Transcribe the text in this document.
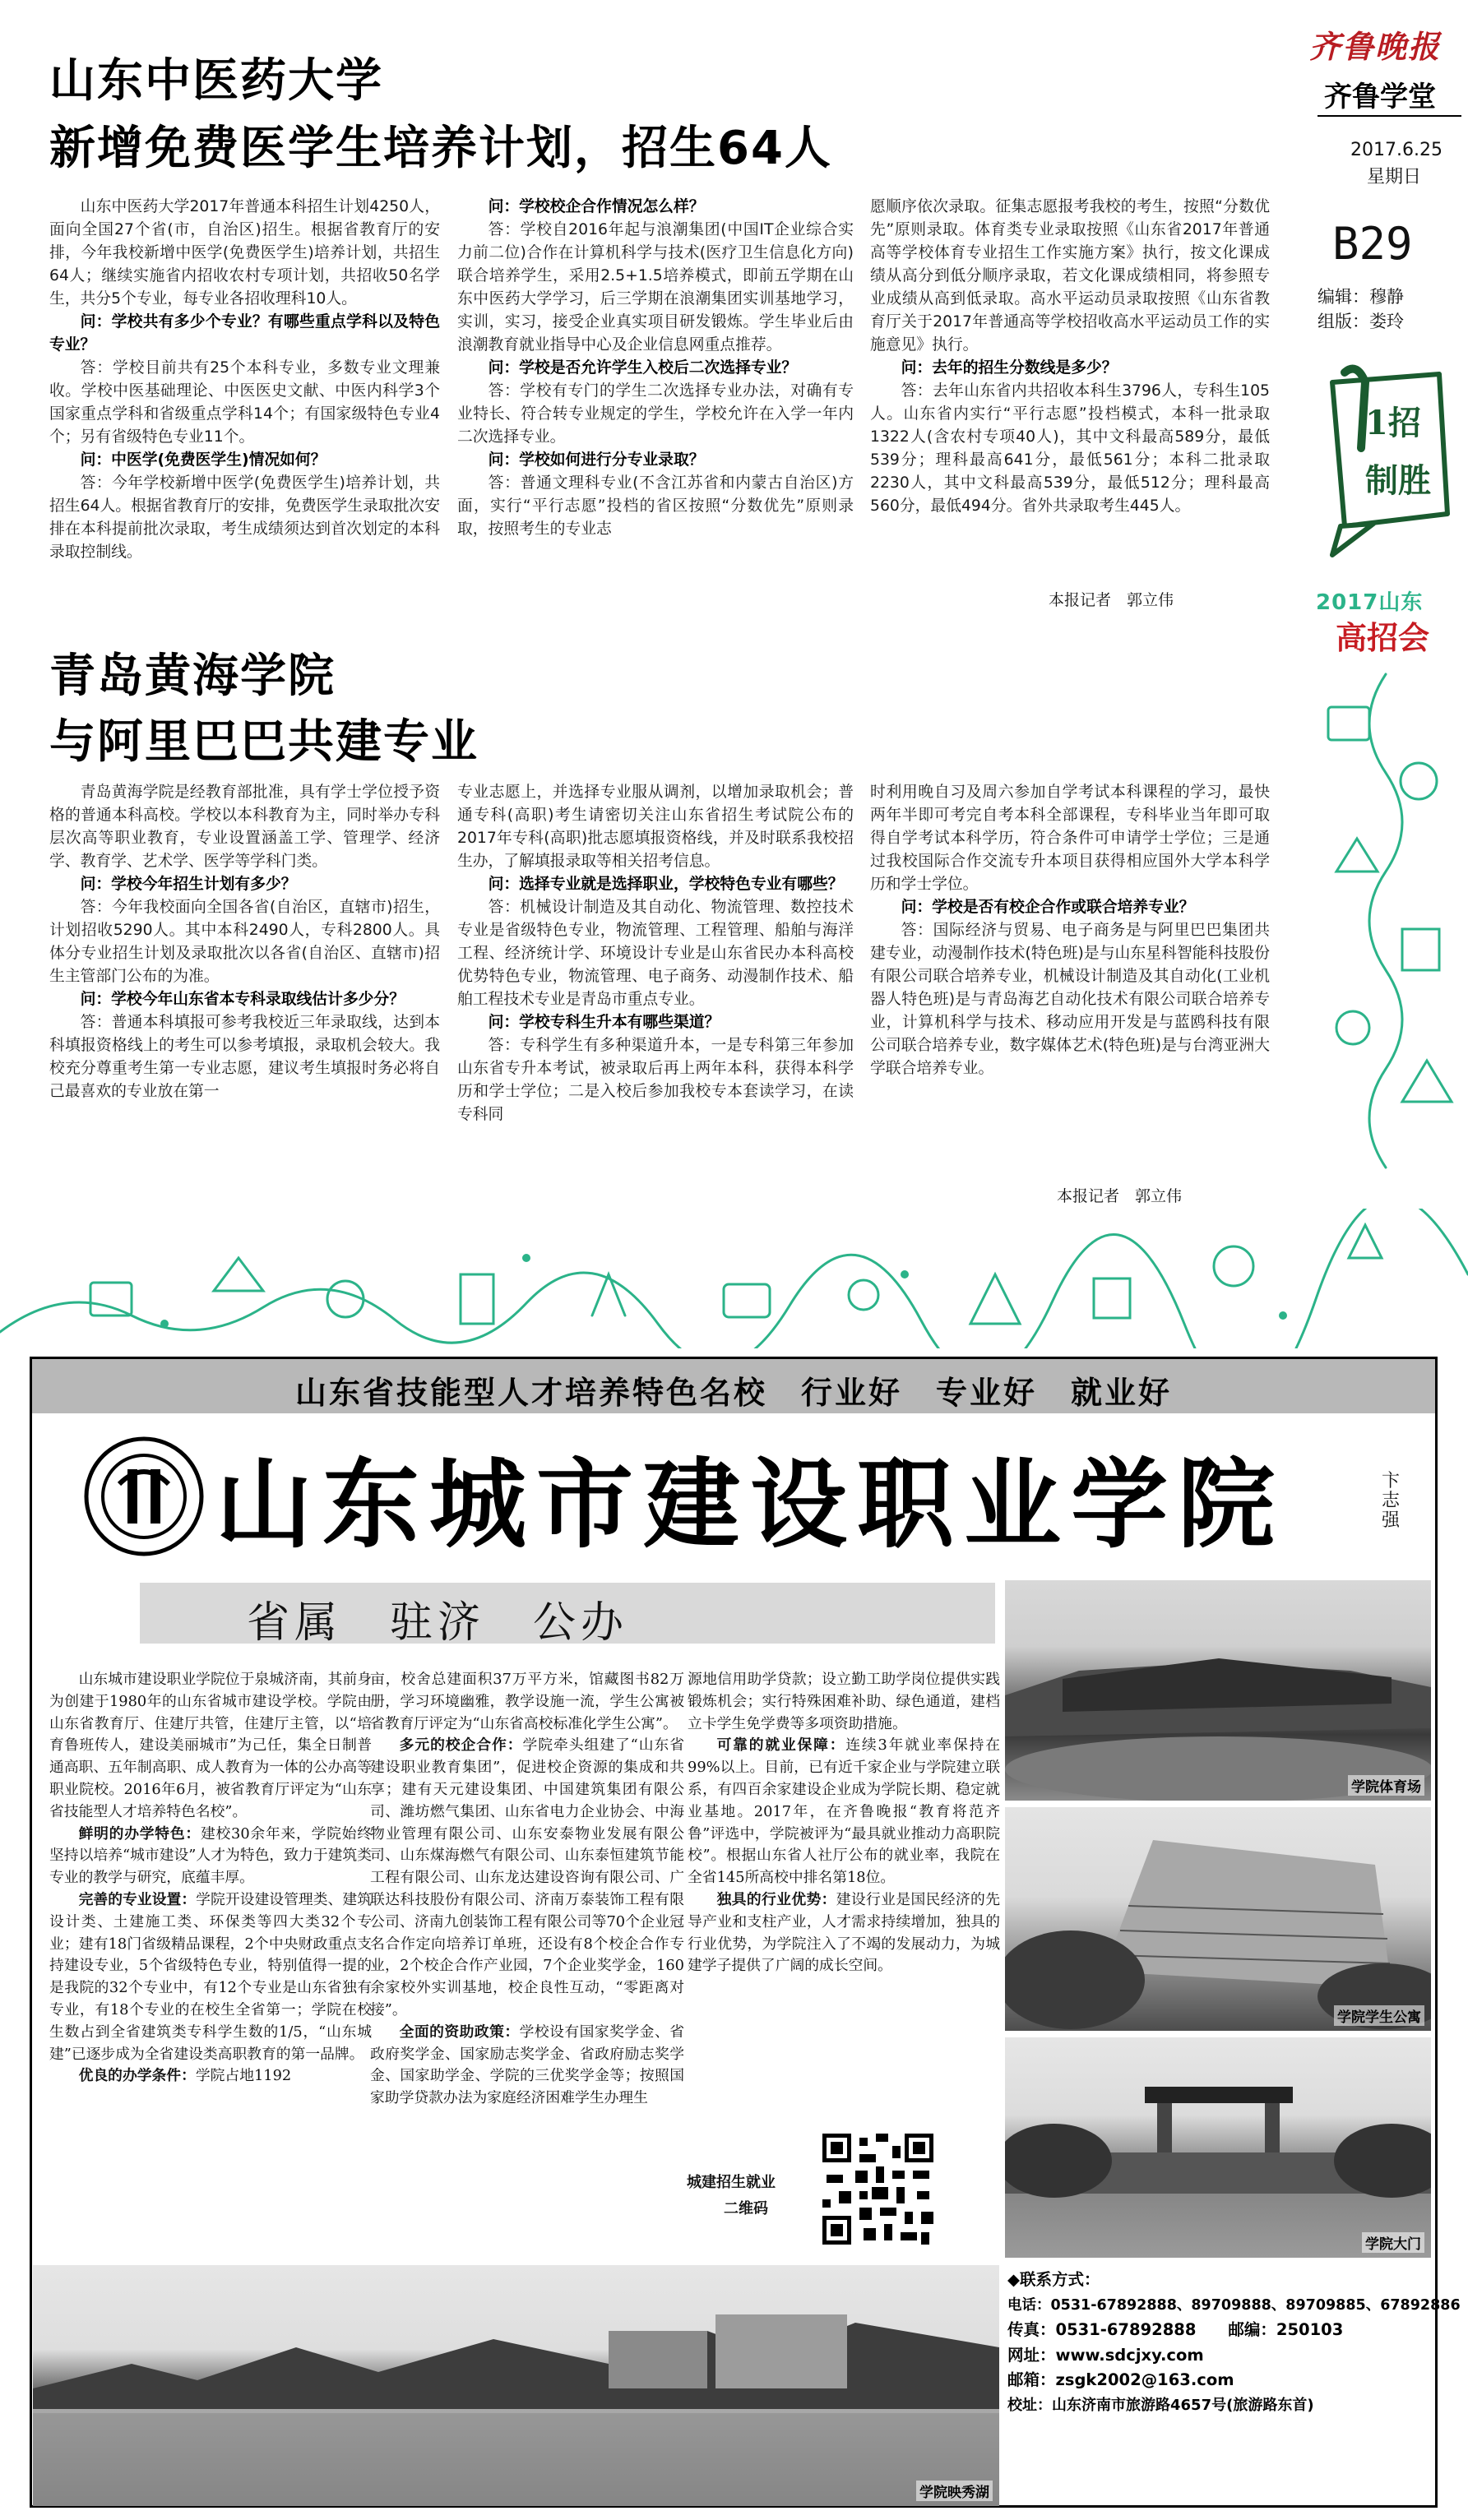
齐鲁晚报
齐鲁学堂
2017.6.25
星期日
B29
编辑：穆静
组版：娄玲
1招制胜
2017山东
高招会
山东中医药大学
新增免费医学生培养计划，招生64人

山东中医药大学2017年普通本科招生计划4250人，面向全国27个省(市，自治区)招生。根据省教育厅的安排，今年我校新增中医学(免费医学生)培养计划，共招生64人；继续实施省内招收农村专项计划，共招收50名学生，共分5个专业，每专业各招收理科10人。

问：学校共有多少个专业？有哪些重点学科以及特色专业？

答：学校目前共有25个本科专业，多数专业文理兼收。学校中医基础理论、中医医史文献、中医内科学3个国家重点学科和省级重点学科14个；有国家级特色专业4个；另有省级特色专业11个。

问：中医学(免费医学生)情况如何？

答：今年学校新增中医学(免费医学生)培养计划，共招生64人。根据省教育厅的安排，免费医学生录取批次安排在本科提前批次录取，考生成绩须达到首次划定的本科录取控制线。

问：学校校企合作情况怎么样？

答：学校自2016年起与浪潮集团(中国IT企业综合实力前二位)合作在计算机科学与技术(医疗卫生信息化方向)联合培养学生，采用2.5+1.5培养模式，即前五学期在山东中医药大学学习，后三学期在浪潮集团实训基地学习，实训，实习，接受企业真实项目研发锻炼。学生毕业后由浪潮教育就业指导中心及企业信息网重点推荐。

问：学校是否允许学生入校后二次选择专业？

答：学校有专门的学生二次选择专业办法，对确有专业特长、符合转专业规定的学生，学校允许在入学一年内二次选择专业。

问：学校如何进行分专业录取？

答：普通文理科专业(不含江苏省和内蒙古自治区)方面，实行“平行志愿”投档的省区按照“分数优先”原则录取，按照考生的专业志

愿顺序依次录取。征集志愿报考我校的考生，按照“分数优先”原则录取。体育类专业录取按照《山东省2017年普通高等学校体育专业招生工作实施方案》执行，按文化课成绩从高分到低分顺序录取，若文化课成绩相同，将参照专业成绩从高到低录取。高水平运动员录取按照《山东省教育厅关于2017年普通高等学校招收高水平运动员工作的实施意见》执行。

问：去年的招生分数线是多少？

答：去年山东省内共招收本科生3796人，专科生105人。山东省内实行“平行志愿”投档模式，本科一批录取1322人(含农村专项40人)，其中文科最高589分，最低539分；理科最高641分，最低561分；本科二批录取2230人，其中文科最高539分，最低512分；理科最高560分，最低494分。省外共录取考生445人。

本报记者　郭立伟
青岛黄海学院
与阿里巴巴共建专业

青岛黄海学院是经教育部批准，具有学士学位授予资格的普通本科高校。学校以本科教育为主，同时举办专科层次高等职业教育，专业设置涵盖工学、管理学、经济学、教育学、艺术学、医学等学科门类。

问：学校今年招生计划有多少？

答：今年我校面向全国各省(自治区，直辖市)招生，计划招收5290人。其中本科2490人，专科2800人。具体分专业招生计划及录取批次以各省(自治区、直辖市)招生主管部门公布的为准。

问：学校今年山东省本专科录取线估计多少分？

答：普通本科填报可参考我校近三年录取线，达到本科填报资格线上的考生可以参考填报，录取机会较大。我校充分尊重考生第一专业志愿，建议考生填报时务必将自己最喜欢的专业放在第一

专业志愿上，并选择专业服从调剂，以增加录取机会；普通专科(高职)考生请密切关注山东省招生考试院公布的2017年专科(高职)批志愿填报资格线，并及时联系我校招生办，了解填报录取等相关招考信息。

问：选择专业就是选择职业，学校特色专业有哪些？

答：机械设计制造及其自动化、物流管理、数控技术专业是省级特色专业，物流管理、工程管理、船舶与海洋工程、经济统计学、环境设计专业是山东省民办本科高校优势特色专业，物流管理、电子商务、动漫制作技术、船舶工程技术专业是青岛市重点专业。

问：学校专科生升本有哪些渠道？

答：专科学生有多种渠道升本，一是专科第三年参加山东省专升本考试，被录取后再上两年本科，获得本科学历和学士学位；二是入校后参加我校专本套读学习，在读专科同

时利用晚自习及周六参加自学考试本科课程的学习，最快两年半即可考完自考本科全部课程，专科毕业当年即可取得自学考试本科学历，符合条件可申请学士学位；三是通过我校国际合作交流专升本项目获得相应国外大学本科学历和学士学位。

问：学校是否有校企合作或联合培养专业？

答：国际经济与贸易、电子商务是与阿里巴巴集团共建专业，动漫制作技术(特色班)是与山东星科智能科技股份有限公司联合培养专业，机械设计制造及其自动化(工业机器人特色班)是与青岛海艺自动化技术有限公司联合培养专业，计算机科学与技术、移动应用开发是与蓝鸥科技有限公司联合培养专业，数字媒体艺术(特色班)是与台湾亚洲大学联合培养专业。

本报记者　郭立伟
山东省技能型人才培养特色名校　行业好　专业好　就业好
山东城市建设职业学院	卞志强
省属　驻济　公办

山东城市建设职业学院位于泉城济南，其前身为创建于1980年的山东省城市建设学校。学院由山东省教育厅、住建厅共管，住建厅主管，以“培育鲁班传人，建设美丽城市”为己任，集全日制普通高职、五年制高职、成人教育为一体的公办高等职业院校。2016年6月，被省教育厅评定为“山东省技能型人才培养特色名校”。

鲜明的办学特色：建校30余年来，学院始终坚持以培养“城市建设”人才为特色，致力于建筑类专业的教学与研究，底蕴丰厚。

完善的专业设置：学院开设建设管理类、建筑设计类、土建施工类、环保类等四大类32个专业；建有18门省级精品课程，2个中央财政重点支持建设专业，5个省级特色专业，特别值得一提的是我院的32个专业中，有12个专业是山东省独有专业，有18个专业的在校生全省第一；学院在校生数占到全省建筑类专科学生数的1/5，“山东城建”已逐步成为全省建设类高职教育的第一品牌。

优良的办学条件：学院占地1192

亩，校舍总建面积37万平方米，馆藏图书82万册，学习环境幽雅，教学设施一流，学生公寓被省教育厅评定为“山东省高校标准化学生公寓”。

多元的校企合作：学院牵头组建了“山东省建设职业教育集团”，促进校企资源的集成和共享；建有天元建设集团、中国建筑集团有限公司、潍坊燃气集团、山东省电力企业协会、中海物业管理有限公司、山东安泰物业发展有限公司、山东煤海燃气有限公司、山东泰恒建筑节能工程有限公司、山东龙达建设咨询有限公司、广联达科技股份有限公司、济南万泰装饰工程有限公司、济南九创装饰工程有限公司等70个企业冠名合作定向培养订单班，还设有8个校企合作专业，2个校企合作产业园，7个企业奖学金，160余家校外实训基地，校企良性互动，“零距离对接”。

全面的资助政策：学校设有国家奖学金、省政府奖学金、国家励志奖学金、省政府励志奖学金、国家助学金、学院的三优奖学金等；按照国家助学贷款办法为家庭经济困难学生办理生

源地信用助学贷款；设立勤工助学岗位提供实践锻炼机会；实行特殊困难补助、绿色通道，建档立卡学生免学费等多项资助措施。

可靠的就业保障：连续3年就业率保持在99%以上。目前，已有近千家企业与学院建立联系，有四百余家建设企业成为学院长期、稳定就业基地。2017年，在齐鲁晚报“教育将范齐鲁”评选中，学院被评为“最具就业推动力高职院校”。根据山东省人社厅公布的就业率，我院在全省145所高校中排名第18位。

独具的行业优势：建设行业是国民经济的先导产业和支柱产业，人才需求持续增加，独具的行业优势，为学院注入了不竭的发展动力，为城建学子提供了广阔的成长空间。

城建招生就业
二维码
学院体育场
学院学生公寓
学院大门
学院映秀湖
◆联系方式：
电话：0531-67892888、89709888、89709885、67892886
传真：0531-67892888　　邮编：250103
网址：www.sdcjxy.com
邮箱：zsgk2002@163.com
校址：山东济南市旅游路4657号(旅游路东首)
